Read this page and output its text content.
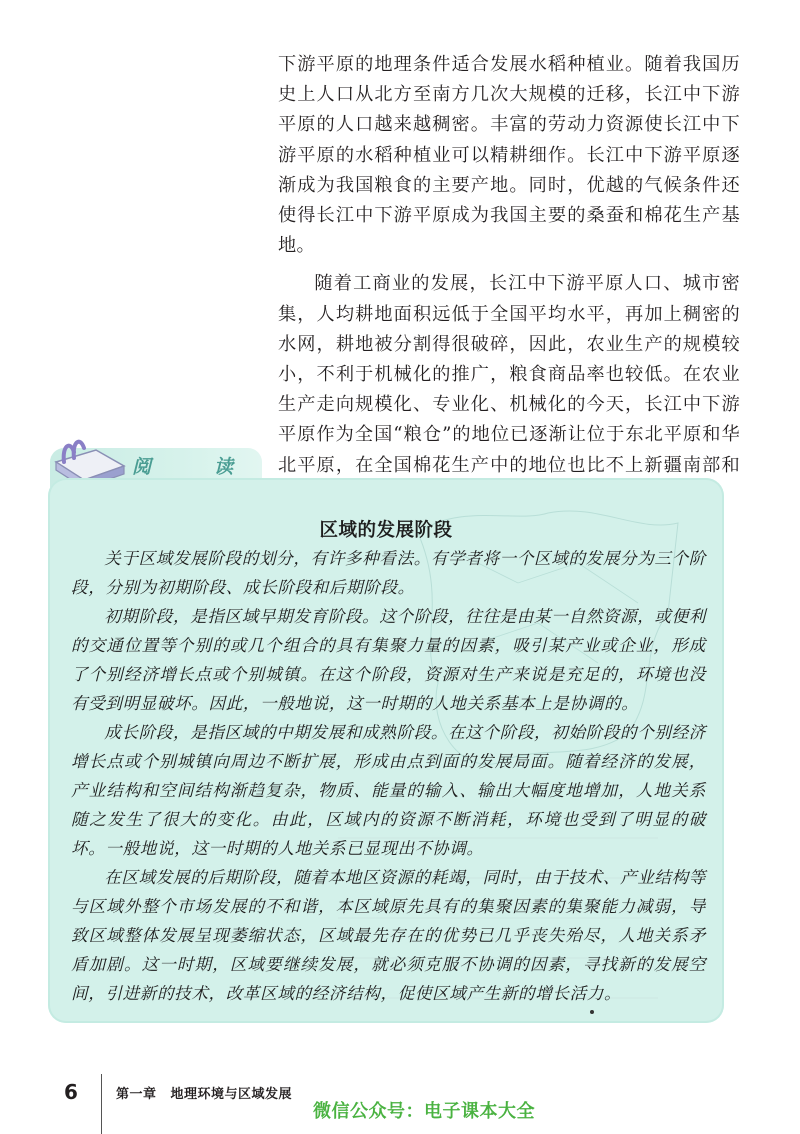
下游平原的地理条件适合发展水稻种植业。随着我国历史上人口从北方至南方几次大规模的迁移，长江中下游平原的人口越来越稠密。丰富的劳动力资源使长江中下游平原的水稻种植业可以精耕细作。长江中下游平原逐渐成为我国粮食的主要产地。同时，优越的气候条件还使得长江中下游平原成为我国主要的桑蚕和棉花生产基地。

随着工商业的发展，长江中下游平原人口、城市密集，人均耕地面积远低于全国平均水平，再加上稠密的水网，耕地被分割得很破碎，因此，农业生产的规模较小，不利于机械化的推广，粮食商品率也较低。在农业生产走向规模化、专业化、机械化的今天，长江中下游平原作为全国“粮仓”的地位已逐渐让位于东北平原和华北平原，在全国棉花生产中的地位也比不上新疆南部和

阅　读
区域的发展阶段

关于区域发展阶段的划分，有许多种看法。有学者将一个区域的发展分为三个阶段，分别为初期阶段、成长阶段和后期阶段。

初期阶段，是指区域早期发育阶段。这个阶段，往往是由某一自然资源，或便利的交通位置等个别的或几个组合的具有集聚力量的因素，吸引某产业或企业，形成了个别经济增长点或个别城镇。在这个阶段，资源对生产来说是充足的，环境也没有受到明显破坏。因此，一般地说，这一时期的人地关系基本上是协调的。

成长阶段，是指区域的中期发展和成熟阶段。在这个阶段，初始阶段的个别经济增长点或个别城镇向周边不断扩展，形成由点到面的发展局面。随着经济的发展，产业结构和空间结构渐趋复杂，物质、能量的输入、输出大幅度地增加，人地关系随之发生了很大的变化。由此，区域内的资源不断消耗，环境也受到了明显的破坏。一般地说，这一时期的人地关系已显现出不协调。

在区域发展的后期阶段，随着本地区资源的耗竭，同时，由于技术、产业结构等与区域外整个市场发展的不和谐，本区域原先具有的集聚因素的集聚能力减弱，导致区域整体发展呈现萎缩状态，区域最先存在的优势已几乎丧失殆尽，人地关系矛盾加剧。这一时期，区域要继续发展，就必须克服不协调的因素，寻找新的发展空间，引进新的技术，改革区域的经济结构，促使区域产生新的增长活力。

6	第一章 地理环境与区域发展
微信公众号：电子课本大全
